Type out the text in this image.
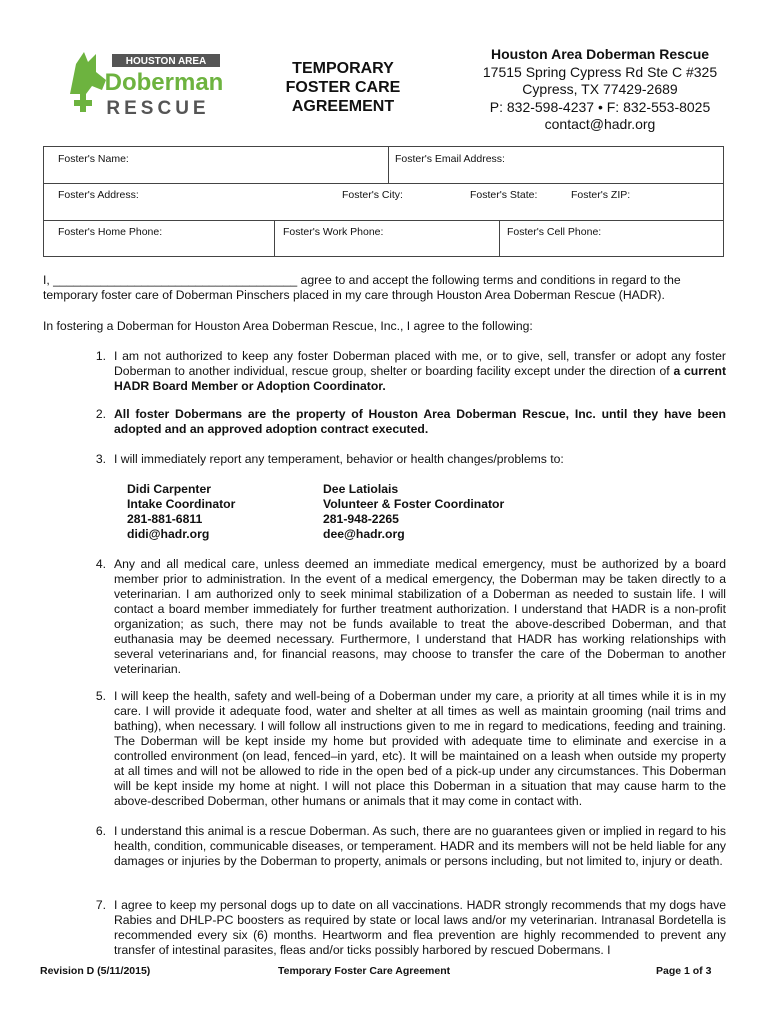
HOUSTON AREA
Doberman
RESCUE
TEMPORARY
FOSTER CARE
AGREEMENT
Houston Area Doberman Rescue
17515 Spring Cypress Rd Ste C #325
Cypress, TX 77429-2689
P: 832-598-4237 • F: 832-553-8025
contact@hadr.org
Foster's Name:	Foster's Email Address:
Foster's Address:	Foster's City:	Foster's State:	Foster's ZIP:
Foster's Home Phone:	Foster's Work Phone:	Foster's Cell Phone:
I, ____________________________________ agree to and accept the following terms and conditions in regard to the
temporary foster care of Doberman Pinschers placed in my care through Houston Area Doberman Rescue (HADR).
In fostering a Doberman for Houston Area Doberman Rescue, Inc., I agree to the following:
1. I am not authorized to keep any foster Doberman placed with me, or to give, sell, transfer or adopt any foster Doberman to another individual, rescue group, shelter or boarding facility except under the direction of a current HADR Board Member or Adoption Coordinator.
2. All foster Dobermans are the property of Houston Area Doberman Rescue, Inc. until they have been adopted and an approved adoption contract executed.
3. I will immediately report any temperament, behavior or health changes/problems to:
Didi Carpenter
Intake Coordinator
281-881-6811
didi@hadr.org
Dee Latiolais
Volunteer & Foster Coordinator
281-948-2265
dee@hadr.org
4. Any and all medical care, unless deemed an immediate medical emergency, must be authorized by a board member prior to administration. In the event of a medical emergency, the Doberman may be taken directly to a veterinarian. I am authorized only to seek minimal stabilization of a Doberman as needed to sustain life. I will contact a board member immediately for further treatment authorization. I understand that HADR is a non-profit organization; as such, there may not be funds available to treat the above-described Doberman, and that euthanasia may be deemed necessary. Furthermore, I understand that HADR has working relationships with several veterinarians and, for financial reasons, may choose to transfer the care of the Doberman to another veterinarian.
5. I will keep the health, safety and well-being of a Doberman under my care, a priority at all times while it is in my care. I will provide it adequate food, water and shelter at all times as well as maintain grooming (nail trims and bathing), when necessary. I will follow all instructions given to me in regard to medications, feeding and training. The Doberman will be kept inside my home but provided with adequate time to eliminate and exercise in a controlled environment (on lead, fenced–in yard, etc). It will be maintained on a leash when outside my property at all times and will not be allowed to ride in the open bed of a pick-up under any circumstances. This Doberman will be kept inside my home at night. I will not place this Doberman in a situation that may cause harm to the above-described Doberman, other humans or animals that it may come in contact with.
6. I understand this animal is a rescue Doberman. As such, there are no guarantees given or implied in regard to his health, condition, communicable diseases, or temperament. HADR and its members will not be held liable for any damages or injuries by the Doberman to property, animals or persons including, but not limited to, injury or death.
7. I agree to keep my personal dogs up to date on all vaccinations. HADR strongly recommends that my dogs have Rabies and DHLP-PC boosters as required by state or local laws and/or my veterinarian. Intranasal Bordetella is recommended every six (6) months. Heartworm and flea prevention are highly recommended to prevent any transfer of intestinal parasites, fleas and/or ticks possibly harbored by rescued Dobermans. I
Revision D (5/11/2015)	Temporary Foster Care Agreement	Page 1 of 3
